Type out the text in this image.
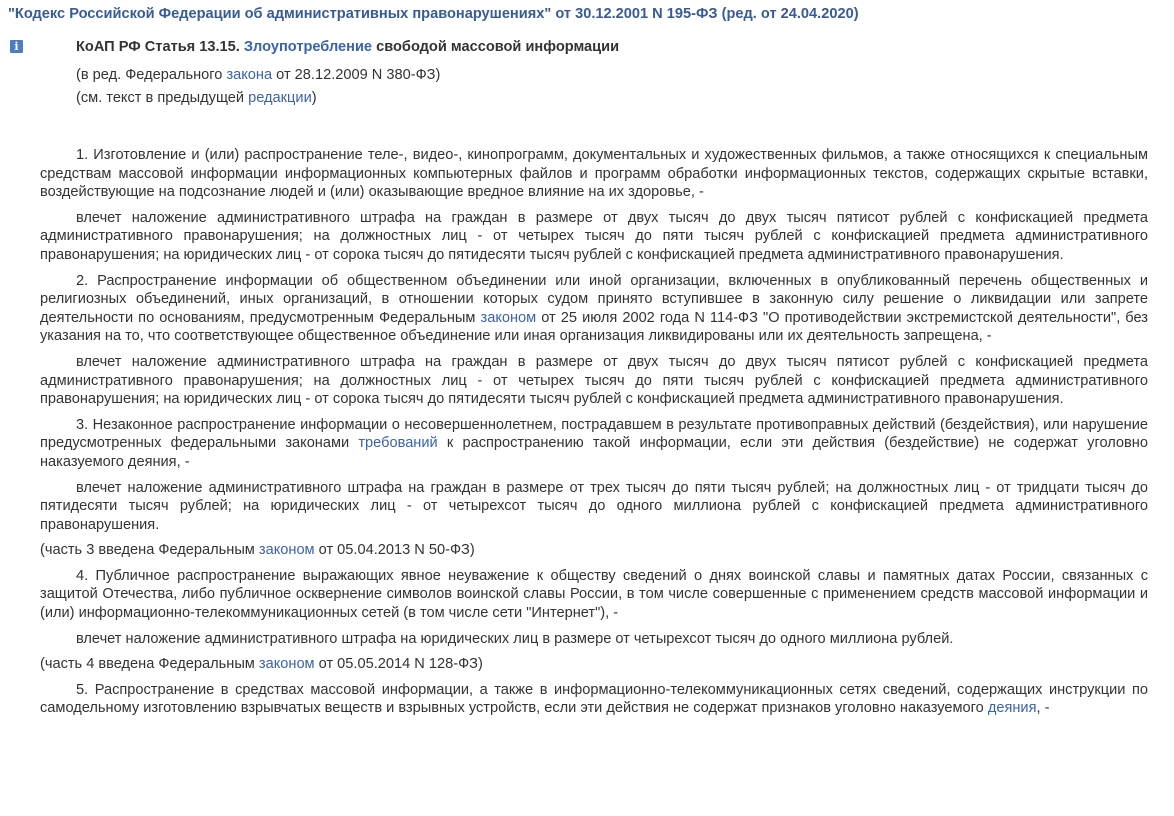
"Кодекс Российской Федерации об административных правонарушениях" от 30.12.2001 N 195-ФЗ (ред. от 24.04.2020)
i	КоАП РФ Статья 13.15. Злоупотребление свободой массовой информации
(в ред. Федерального закона от 28.12.2009 N 380-ФЗ)
(см. текст в предыдущей редакции)

1. Изготовление и (или) распространение теле-, видео-, кинопрограмм, документальных и художественных фильмов, а также относящихся к специальным средствам массовой информации информационных компьютерных файлов и программ обработки информационных текстов, содержащих скрытые вставки, воздействующие на подсознание людей и (или) оказывающие вредное влияние на их здоровье, -

влечет наложение административного штрафа на граждан в размере от двух тысяч до двух тысяч пятисот рублей с конфискацией предмета административного правонарушения; на должностных лиц - от четырех тысяч до пяти тысяч рублей с конфискацией предмета административного правонарушения; на юридических лиц - от сорока тысяч до пятидесяти тысяч рублей с конфискацией предмета административного правонарушения.

2. Распространение информации об общественном объединении или иной организации, включенных в опубликованный перечень общественных и религиозных объединений, иных организаций, в отношении которых судом принято вступившее в законную силу решение о ликвидации или запрете деятельности по основаниям, предусмотренным Федеральным законом от 25 июля 2002 года N 114-ФЗ "О противодействии экстремистской деятельности", без указания на то, что соответствующее общественное объединение или иная организация ликвидированы или их деятельность запрещена, -

влечет наложение административного штрафа на граждан в размере от двух тысяч до двух тысяч пятисот рублей с конфискацией предмета административного правонарушения; на должностных лиц - от четырех тысяч до пяти тысяч рублей с конфискацией предмета административного правонарушения; на юридических лиц - от сорока тысяч до пятидесяти тысяч рублей с конфискацией предмета административного правонарушения.

3. Незаконное распространение информации о несовершеннолетнем, пострадавшем в результате противоправных действий (бездействия), или нарушение предусмотренных федеральными законами требований к распространению такой информации, если эти действия (бездействие) не содержат уголовно наказуемого деяния, -

влечет наложение административного штрафа на граждан в размере от трех тысяч до пяти тысяч рублей; на должностных лиц - от тридцати тысяч до пятидесяти тысяч рублей; на юридических лиц - от четырехсот тысяч до одного миллиона рублей с конфискацией предмета административного правонарушения.

(часть 3 введена Федеральным законом от 05.04.2013 N 50-ФЗ)

4. Публичное распространение выражающих явное неуважение к обществу сведений о днях воинской славы и памятных датах России, связанных с защитой Отечества, либо публичное осквернение символов воинской славы России, в том числе совершенные с применением средств массовой информации и (или) информационно-телекоммуникационных сетей (в том числе сети "Интернет"), -

влечет наложение административного штрафа на юридических лиц в размере от четырехсот тысяч до одного миллиона рублей.

(часть 4 введена Федеральным законом от 05.05.2014 N 128-ФЗ)

5. Распространение в средствах массовой информации, а также в информационно-телекоммуникационных сетях сведений, содержащих инструкции по самодельному изготовлению взрывчатых веществ и взрывных устройств, если эти действия не содержат признаков уголовно наказуемого деяния, -
